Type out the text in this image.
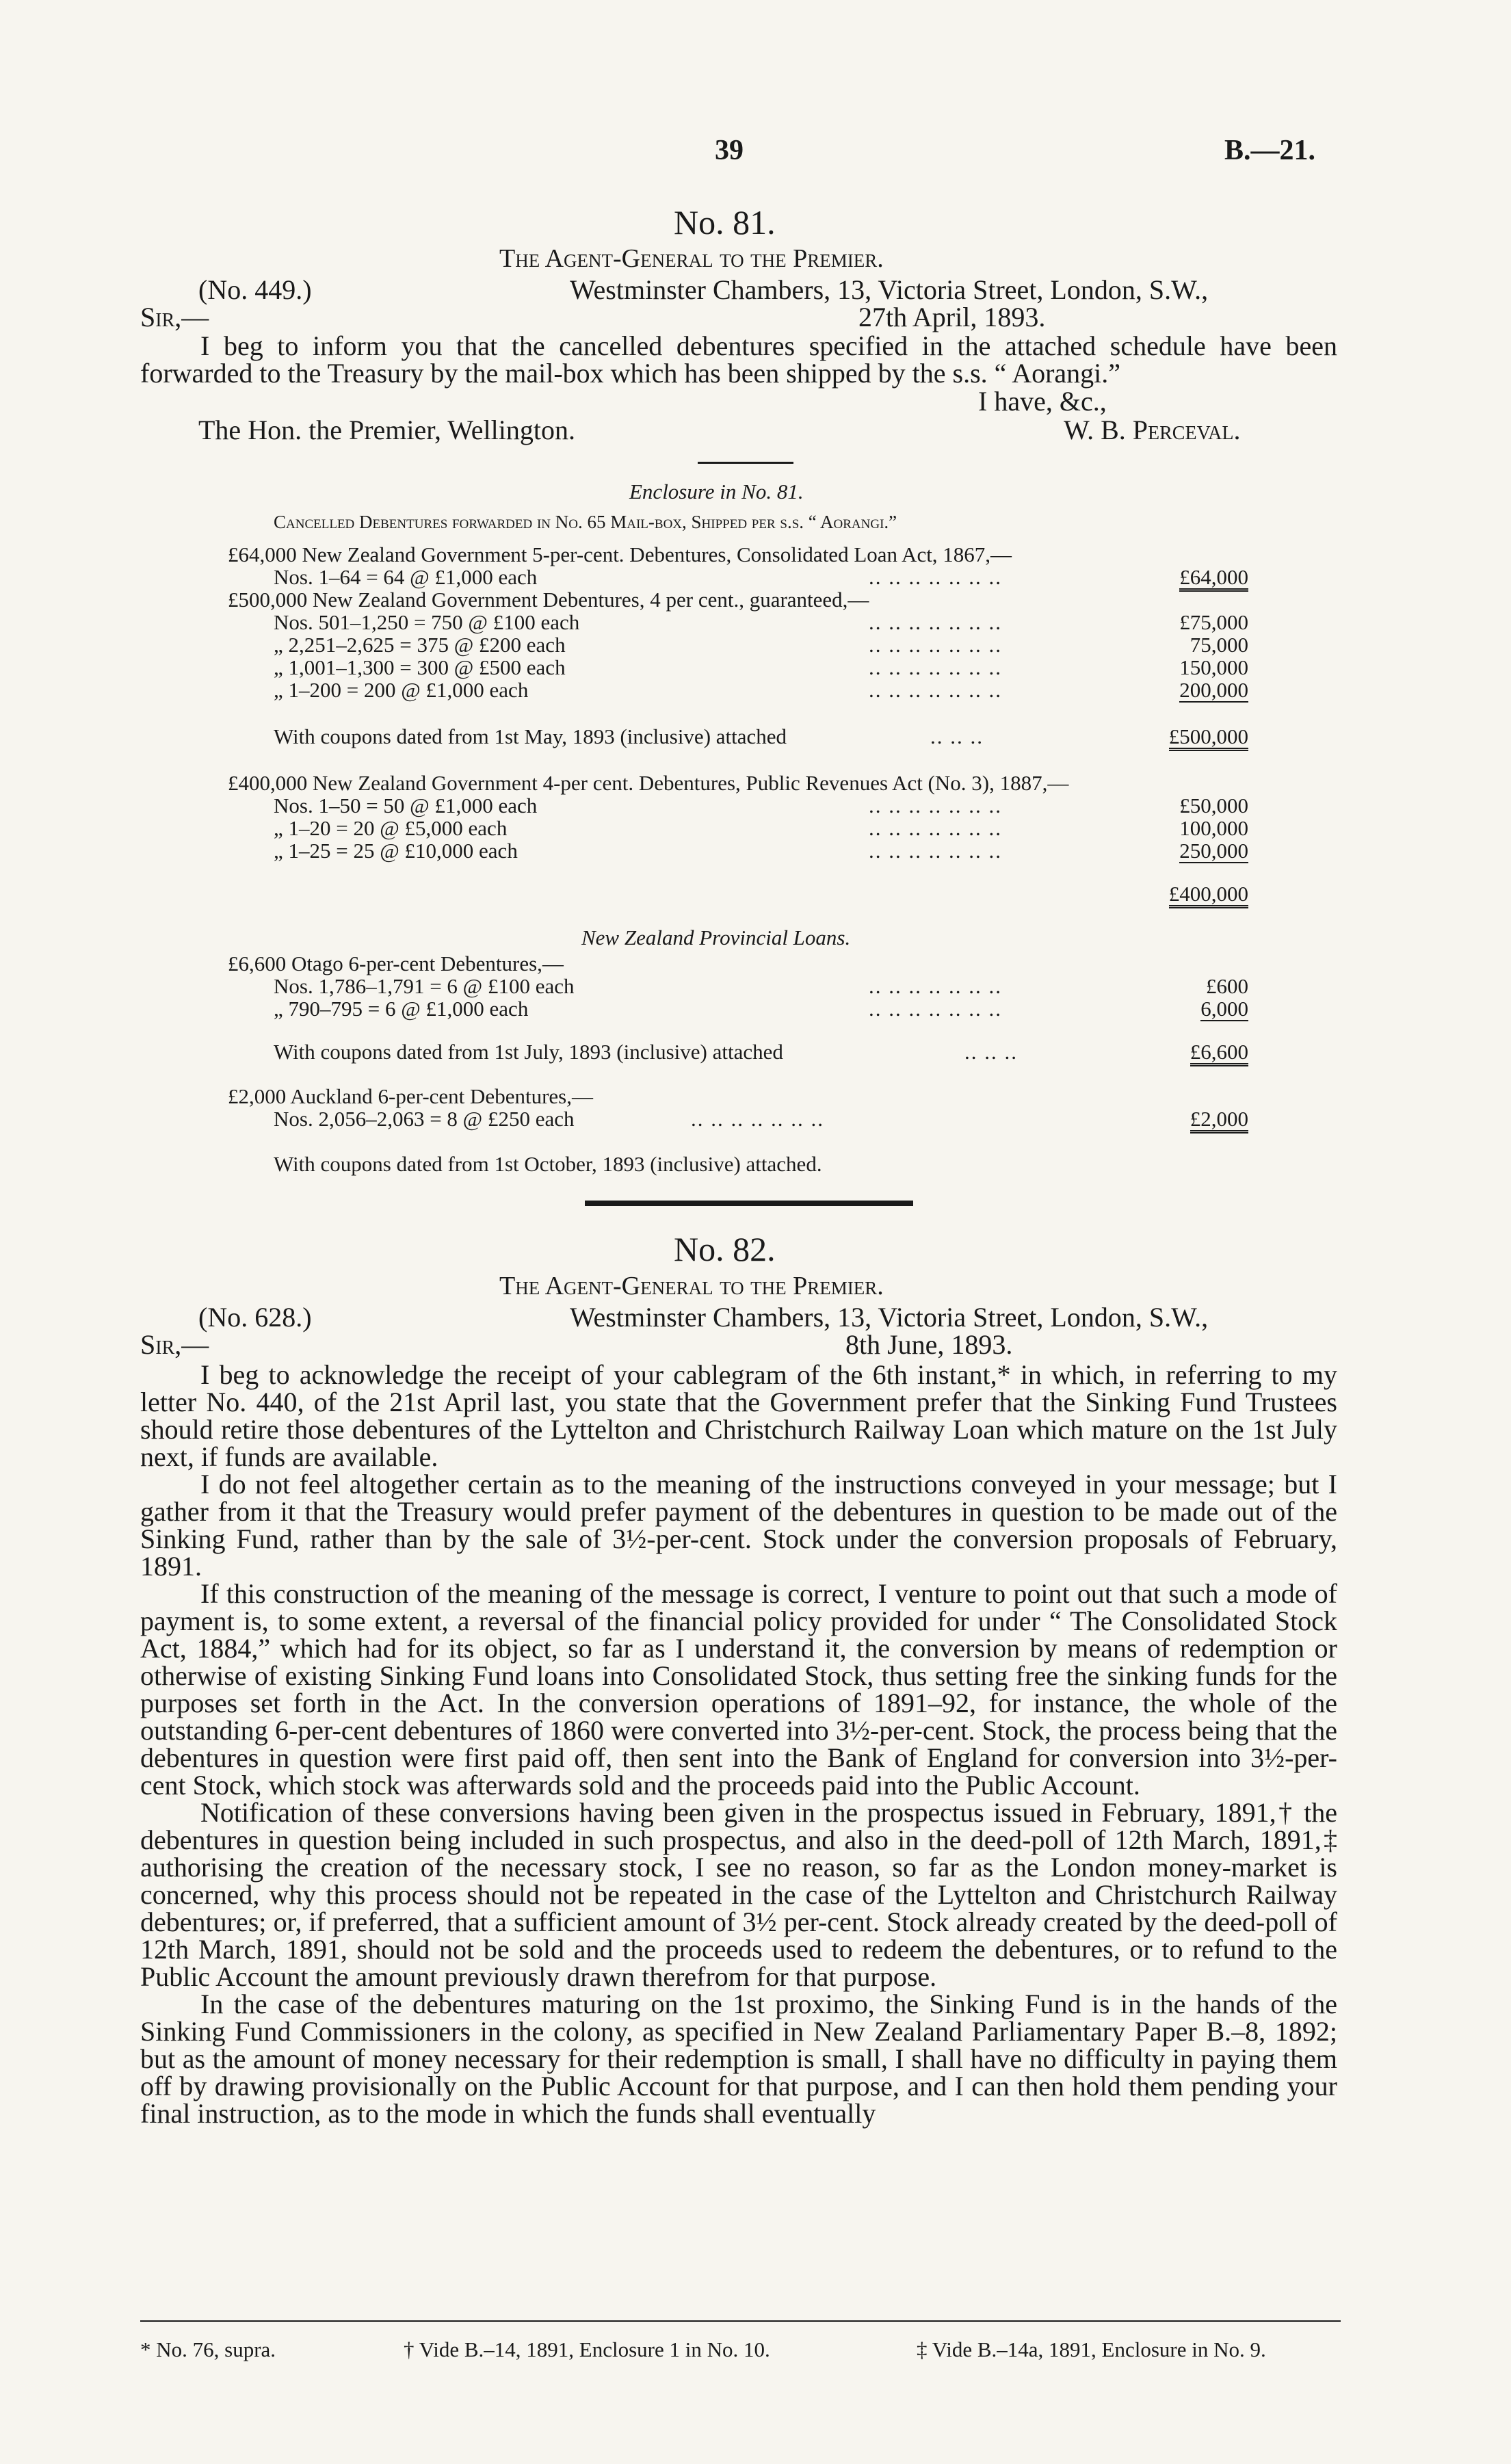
39	B.—21.
No. 81.
The Agent-General to the Premier.
(No. 449.)	Westminster Chambers, 13, Victoria Street, London, S.W.,
Sir,—	27th April, 1893.

I beg to inform you that the cancelled debentures specified in the attached schedule have been forwarded to the Treasury by the mail-box which has been shipped by the s.s. “ Aorangi.”

I have, &c.,
The Hon. the Premier, Wellington.	W. B. Perceval.
Enclosure in No. 81.
Cancelled Debentures forwarded in No. 65 Mail-box, Shipped per s.s. “ Aorangi.”
£64,000 New Zealand Government 5-per-cent. Debentures, Consolidated Loan Act, 1867,—
Nos. 1–64 = 64 @ £1,000 each	.. .. .. .. .. .. ..	£64,000
£500,000 New Zealand Government Debentures, 4 per cent., guaranteed,—
Nos. 501–1,250 = 750 @ £100 each	.. .. .. .. .. .. ..	£75,000
„ 2,251–2,625 = 375 @ £200 each	.. .. .. .. .. .. ..	75,000
„ 1,001–1,300 = 300 @ £500 each	.. .. .. .. .. .. ..	150,000
„ 1–200 = 200 @ £1,000 each	.. .. .. .. .. .. ..	200,000
With coupons dated from 1st May, 1893 (inclusive) attached	.. .. ..	£500,000
£400,000 New Zealand Government 4-per cent. Debentures, Public Revenues Act (No. 3), 1887,—
Nos. 1–50 = 50 @ £1,000 each	.. .. .. .. .. .. ..	£50,000
„ 1–20 = 20 @ £5,000 each	.. .. .. .. .. .. ..	100,000
„ 1–25 = 25 @ £10,000 each	.. .. .. .. .. .. ..	250,000
£400,000
New Zealand Provincial Loans.
£6,600 Otago 6-per-cent Debentures,—
Nos. 1,786–1,791 = 6 @ £100 each	.. .. .. .. .. .. ..	£600
„ 790–795 = 6 @ £1,000 each	.. .. .. .. .. .. ..	6,000
With coupons dated from 1st July, 1893 (inclusive) attached	.. .. ..	£6,600
£2,000 Auckland 6-per-cent Debentures,—
Nos. 2,056–2,063 = 8 @ £250 each	.. .. .. .. .. .. ..	£2,000
With coupons dated from 1st October, 1893 (inclusive) attached.
No. 82.
The Agent-General to the Premier.
(No. 628.)	Westminster Chambers, 13, Victoria Street, London, S.W.,
Sir,—	8th June, 1893.

I beg to acknowledge the receipt of your cablegram of the 6th instant,* in which, in referring to my letter No. 440, of the 21st April last, you state that the Government prefer that the Sinking Fund Trustees should retire those debentures of the Lyttelton and Christchurch Railway Loan which mature on the 1st July next, if funds are available.

I do not feel altogether certain as to the meaning of the instructions conveyed in your message; but I gather from it that the Treasury would prefer payment of the debentures in question to be made out of the Sinking Fund, rather than by the sale of 3½-per-cent. Stock under the conversion proposals of February, 1891.

If this construction of the meaning of the message is correct, I venture to point out that such a mode of payment is, to some extent, a reversal of the financial policy provided for under “ The Consolidated Stock Act, 1884,” which had for its object, so far as I understand it, the conversion by means of redemption or otherwise of existing Sinking Fund loans into Consolidated Stock, thus setting free the sinking funds for the purposes set forth in the Act. In the conversion operations of 1891–92, for instance, the whole of the outstanding 6-per-cent debentures of 1860 were converted into 3½-per-cent. Stock, the process being that the debentures in question were first paid off, then sent into the Bank of England for conversion into 3½-per-cent Stock, which stock was afterwards sold and the proceeds paid into the Public Account.

Notification of these conversions having been given in the prospectus issued in February, 1891,† the debentures in question being included in such prospectus, and also in the deed-poll of 12th March, 1891,‡ authorising the creation of the necessary stock, I see no reason, so far as the London money-market is concerned, why this process should not be repeated in the case of the Lyttelton and Christchurch Railway debentures; or, if preferred, that a sufficient amount of 3½ per-cent. Stock already created by the deed-poll of 12th March, 1891, should not be sold and the proceeds used to redeem the debentures, or to refund to the Public Account the amount previously drawn therefrom for that purpose.

In the case of the debentures maturing on the 1st proximo, the Sinking Fund is in the hands of the Sinking Fund Commissioners in the colony, as specified in New Zealand Parliamentary Paper B.–8, 1892; but as the amount of money necessary for their redemption is small, I shall have no difficulty in paying them off by drawing provisionally on the Public Account for that purpose, and I can then hold them pending your final instruction, as to the mode in which the funds shall eventually

* No. 76, supra.	† Vide B.–14, 1891, Enclosure 1 in No. 10.	‡ Vide B.–14a, 1891, Enclosure in No. 9.
